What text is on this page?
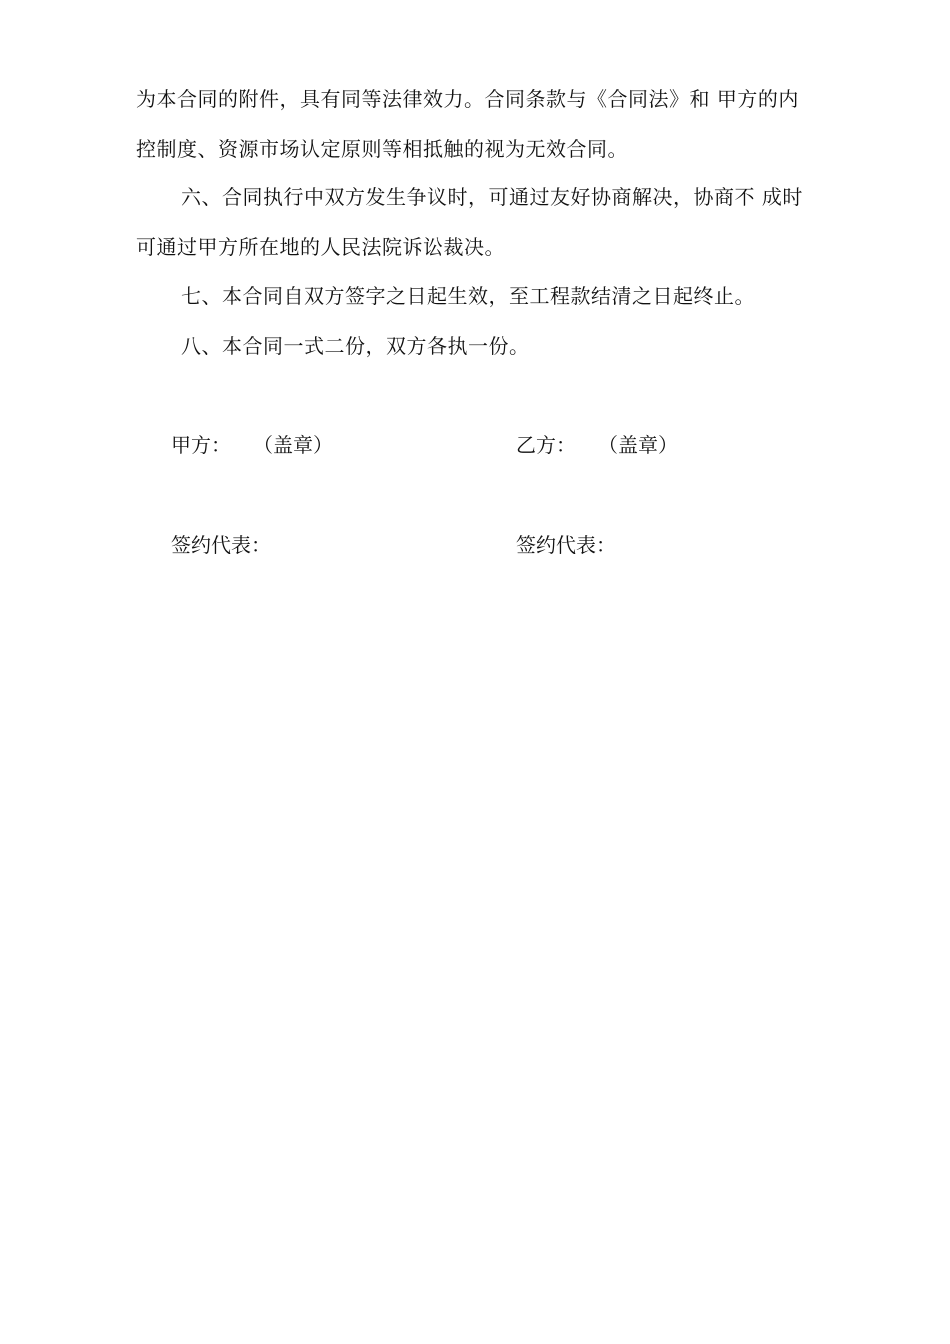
为本合同的附件，具有同等法律效力。合同条款与《合同法》和 甲方的内
控制度、资源市场认定原则等相抵触的视为无效合同。
六、合同执行中双方发生争议时，可通过友好协商解决，协商不 成时
可通过甲方所在地的人民法院诉讼裁决。
七、本合同自双方签字之日起生效，至工程款结清之日起终止。
八、本合同一式二份，双方各执一份。
甲方： （盖章）	乙方： （盖章）
签约代表：	签约代表：
